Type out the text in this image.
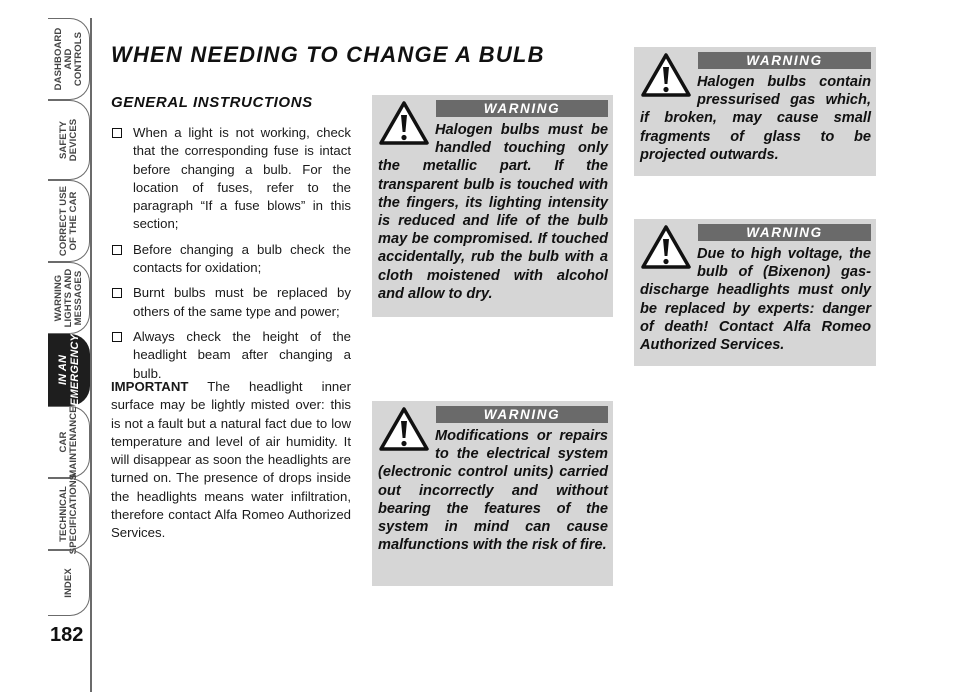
DASHBOARD
AND
CONTROLS
SAFETY
DEVICES
CORRECT USE
OF THE CAR
WARNING
LIGHTS AND
MESSAGES
IN AN
EMERGENCY
CAR
MAINTENANCE
TECHNICAL
SPECIFICATIONS
INDEX
182
WHEN NEEDING TO CHANGE A BULB
GENERAL INSTRUCTIONS
When a light is not working, check that the corresponding fuse is intact before changing a bulb. For the location of fuses, refer to the paragraph “If a fuse blows” in this section;
Before changing a bulb check the contacts for oxidation;
Burnt bulbs must be replaced by others of the same type and power;
Always check the height of the headlight beam after changing a bulb.
IMPORTANT The headlight inner surface may be lightly misted over: this is not a fault but a natural fact due to low temperature and level of air humidity. It will disappear as soon the headlights are turned on. The presence of drops inside the headlights means water infiltration, therefore contact Alfa Romeo Authorized Services.
WARNING
Halogen bulbs must be handled touching only the metallic part. If the transparent bulb is touched with the fingers, its lighting intensity is reduced and life of the bulb may be compromised. If touched accidentally, rub the bulb with a cloth moistened with alcohol and allow to dry.
WARNING
Modifications or repairs to the electrical system (electronic control units) carried out incorrectly and without bearing the features of the system in mind can cause malfunctions with the risk of fire.
WARNING
Halogen bulbs contain pressurised gas which, if broken, may cause small fragments of glass to be projected outwards.
WARNING
Due to high voltage, the bulb of (Bixenon) gas-discharge headlights must only be replaced by experts: danger of death! Contact Alfa Romeo Authorized Services.
